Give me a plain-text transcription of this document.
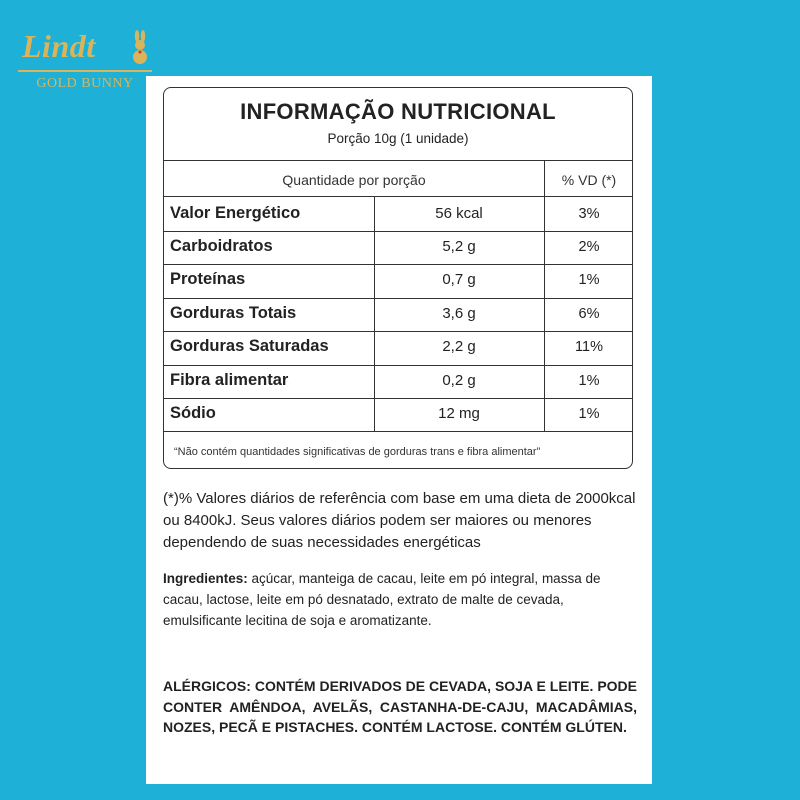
Lindt
GOLD BUNNY
INFORMAÇÃO NUTRICIONAL
Porção 10g (1 unidade)
Quantidade por porção	% VD (*)
Valor Energético	56 kcal	3%
Carboidratos	5,2 g	2%
Proteínas	0,7 g	1%
Gorduras Totais	3,6 g	6%
Gorduras Saturadas	2,2 g	11%
Fibra alimentar	0,2 g	1%
Sódio	12 mg	1%
“Não contém quantidades significativas de gorduras trans e fibra alimentar”
(*)% Valores diários de referência com base em uma dieta de 2000kcal ou 8400kJ. Seus valores diários podem ser maiores ou menores dependendo de suas necessidades energéticas
Ingredientes: açúcar, manteiga de cacau, leite em pó integral, massa de cacau, lactose, leite em pó desnatado, extrato de malte de cevada, emulsificante lecitina de soja e aromatizante.
ALÉRGICOS: CONTÉM DERIVADOS DE CEVADA, SOJA E LEITE. PODE CONTER AMÊNDOA, AVELÃS, CASTANHA-DE-CAJU, MACADÂMIAS, NOZES, PECÃ E PISTACHES. CONTÉM LACTOSE. CONTÉM GLÚTEN.
